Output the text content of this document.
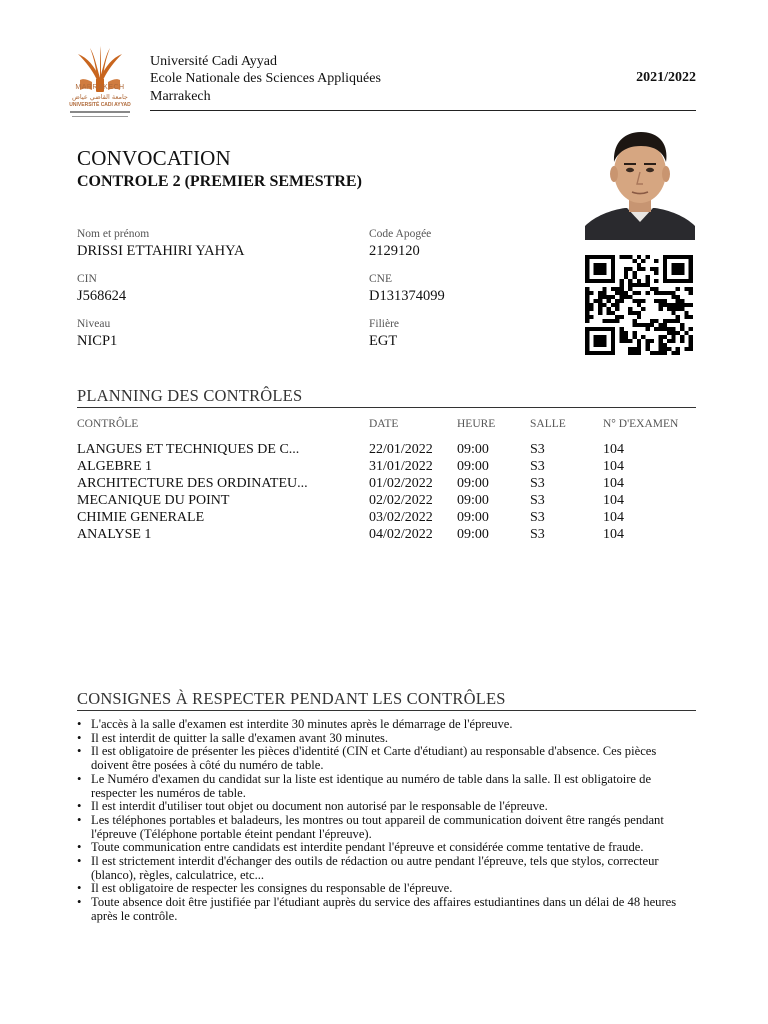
MARRAKECH
جامعة القاضي عياض
UNIVERSITÉ CADI AYYAD
Université Cadi Ayyad
Ecole Nationale des Sciences Appliquées
Marrakech
2021/2022
CONVOCATION
CONTROLE 2 (PREMIER SEMESTRE)
Nom et prénom
DRISSI ETTAHIRI YAHYA
Code Apogée
2129120
CIN
J568624
CNE
D131374099
Niveau
NICP1
Filière
EGT
PLANNING DES CONTRÔLES
CONTRÔLE	DATE	HEURE	SALLE	N° D'EXAMEN
LANGUES ET TECHNIQUES DE C...	22/01/2022 09:00	S3	104
ALGEBRE 1	31/01/2022 09:00	S3	104
ARCHITECTURE DES ORDINATEU...	01/02/2022 09:00	S3	104
MECANIQUE DU POINT	02/02/2022 09:00	S3	104
CHIMIE GENERALE	03/02/2022 09:00	S3	104
ANALYSE 1	04/02/2022 09:00	S3	104
CONSIGNES À RESPECTER PENDANT LES CONTRÔLES
• L'accès à la salle d'examen est interdite 30 minutes après le démarrage de l'épreuve.
• Il est interdit de quitter la salle d'examen avant 30 minutes.
• Il est obligatoire de présenter les pièces d'identité (CIN et Carte d'étudiant) au responsable d'absence. Ces pièces doivent être posées à côté du numéro de table.
• Le Numéro d'examen du candidat sur la liste est identique au numéro de table dans la salle. Il est obligatoire de respecter les numéros de table.
• Il est interdit d'utiliser tout objet ou document non autorisé par le responsable de l'épreuve.
• Les téléphones portables et baladeurs, les montres ou tout appareil de communication doivent être rangés pendant l'épreuve (Téléphone portable éteint pendant l'épreuve).
• Toute communication entre candidats est interdite pendant l'épreuve et considérée comme tentative de fraude.
• Il est strictement interdit d'échanger des outils de rédaction ou autre pendant l'épreuve, tels que stylos, correcteur (blanco), règles, calculatrice, etc...
• Il est obligatoire de respecter les consignes du responsable de l'épreuve.
• Toute absence doit être justifiée par l'étudiant auprès du service des affaires estudiantines dans un délai de 48 heures après le contrôle.
